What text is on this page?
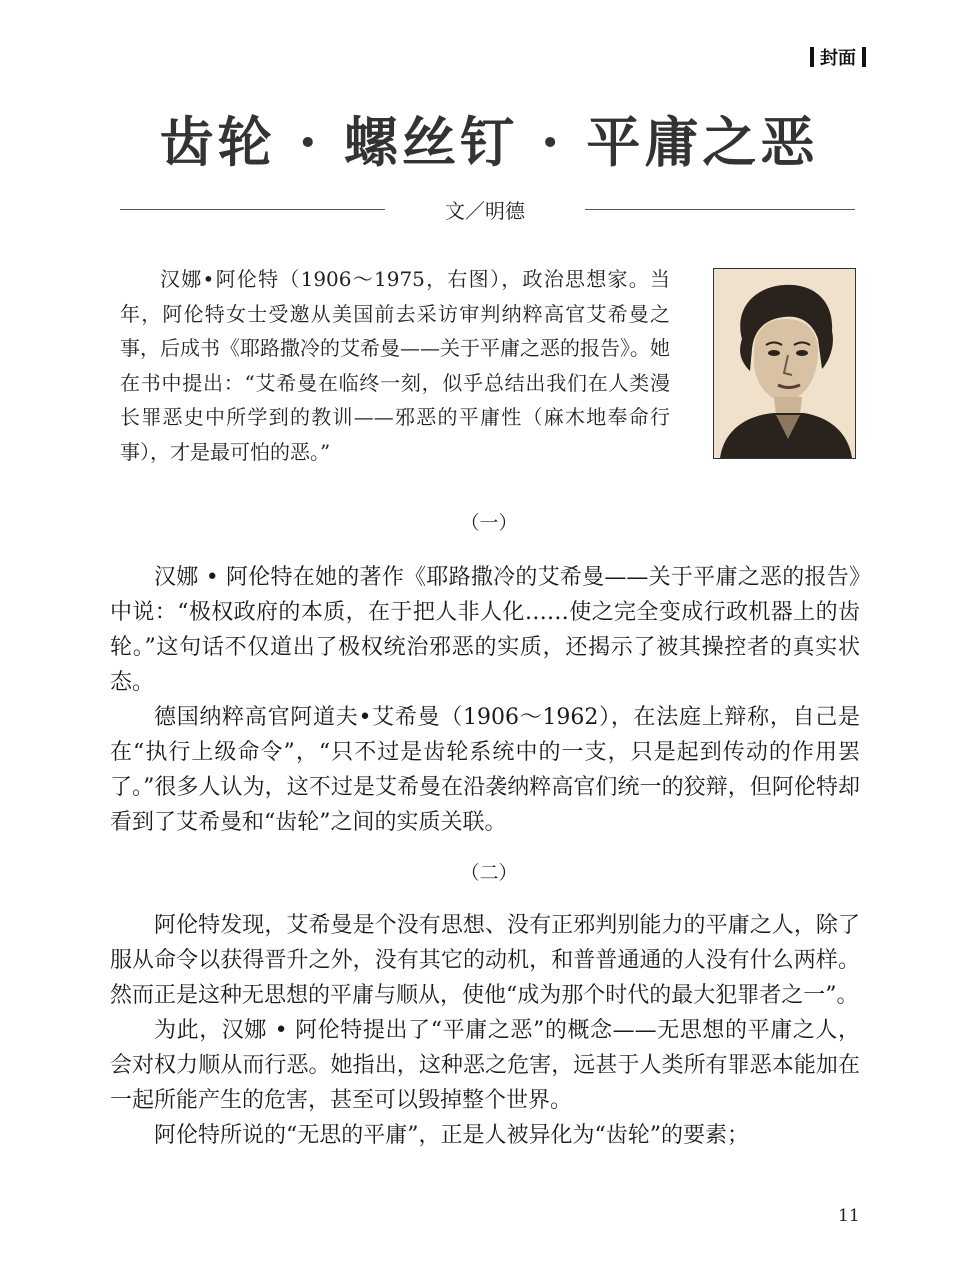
封面
齿轮 · 螺丝钉 · 平庸之恶
文／明德

汉娜•阿伦特（1906～1975，右图），政治思想家。当年，阿伦特女士受邀从美国前去采访审判纳粹高官艾希曼之事，后成书《耶路撒冷的艾希曼——关于平庸之恶的报告》。她在书中提出：“艾希曼在临终一刻，似乎总结出我们在人类漫长罪恶史中所学到的教训——邪恶的平庸性（麻木地奉命行事），才是最可怕的恶。”

（一）

汉娜 • 阿伦特在她的著作《耶路撒冷的艾希曼——关于平庸之恶的报告》中说：“极权政府的本质，在于把人非人化……使之完全变成行政机器上的齿轮。”这句话不仅道出了极权统治邪恶的实质，还揭示了被其操控者的真实状态。

德国纳粹高官阿道夫•艾希曼（1906～1962），在法庭上辩称，自己是在“执行上级命令”，“只不过是齿轮系统中的一支，只是起到传动的作用罢了。”很多人认为，这不过是艾希曼在沿袭纳粹高官们统一的狡辩，但阿伦特却看到了艾希曼和“齿轮”之间的实质关联。

（二）

阿伦特发现，艾希曼是个没有思想、没有正邪判别能力的平庸之人，除了服从命令以获得晋升之外，没有其它的动机，和普普通通的人没有什么两样。然而正是这种无思想的平庸与顺从，使他“成为那个时代的最大犯罪者之一”。

为此，汉娜 • 阿伦特提出了“平庸之恶”的概念——无思想的平庸之人，会对权力顺从而行恶。她指出，这种恶之危害，远甚于人类所有罪恶本能加在一起所能产生的危害，甚至可以毁掉整个世界。

阿伦特所说的“无思的平庸”，正是人被异化为“齿轮”的要素；

11
